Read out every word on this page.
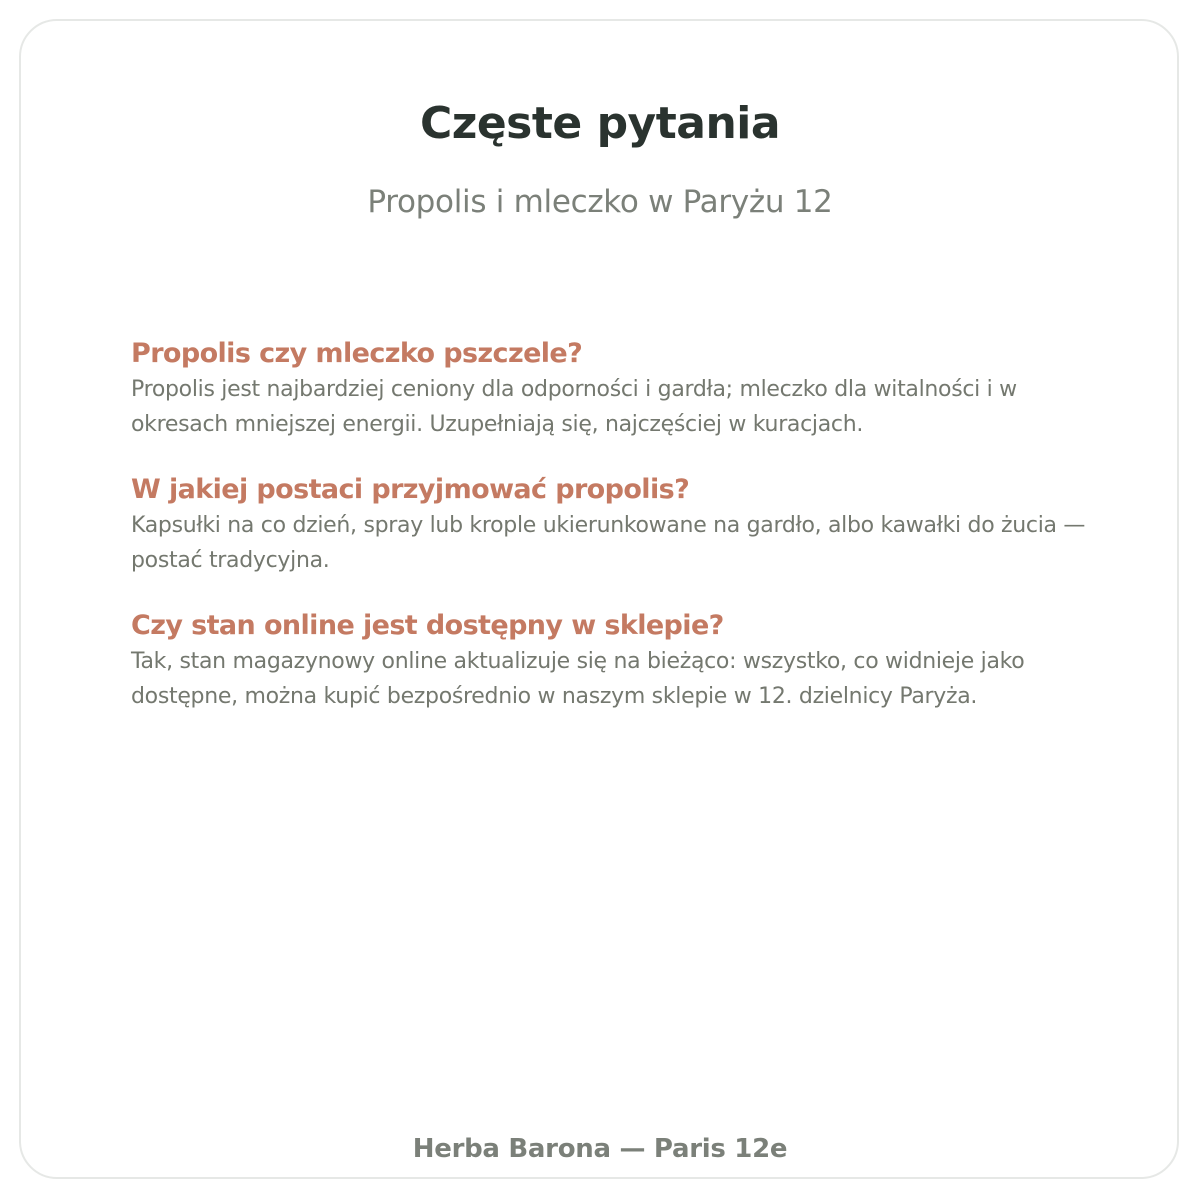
Częste pytania

Propolis i mleczko w Paryżu 12

Propolis czy mleczko pszczele?

Propolis jest najbardziej ceniony dla odporności i gardła; mleczko dla witalności i w okresach mniejszej energii. Uzupełniają się, najczęściej w kuracjach.

W jakiej postaci przyjmować propolis?

Kapsułki na co dzień, spray lub krople ukierunkowane na gardło, albo kawałki do żucia — postać tradycyjna.

Czy stan online jest dostępny w sklepie?

Tak, stan magazynowy online aktualizuje się na bieżąco: wszystko, co widnieje jako dostępne, można kupić bezpośrednio w naszym sklepie w 12. dzielnicy Paryża.

Herba Barona — Paris 12e
